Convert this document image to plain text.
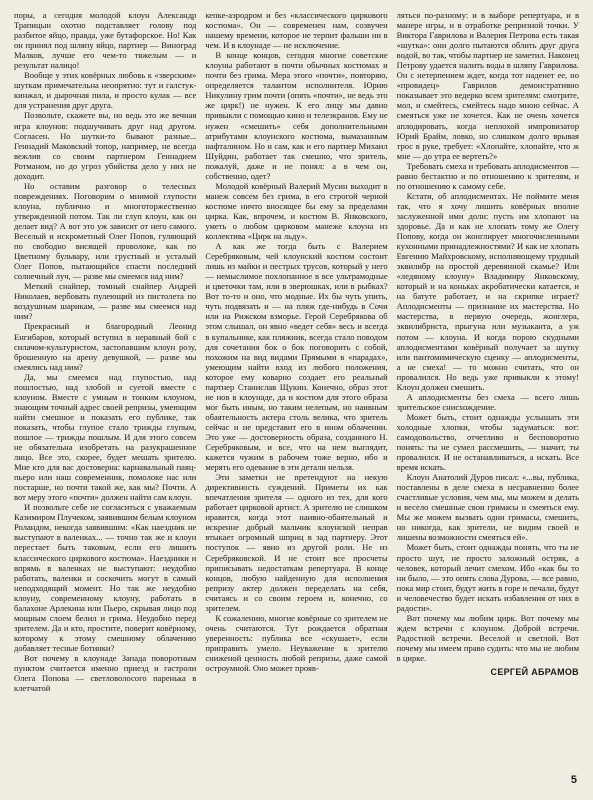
поры, а сегодня молодой клоун Александр Трапицын охотно подставляет голову под разбитое яйцо, правда, уже бутафорское. Но! Как он принял под шляпу яйцо, партнер — Виноград Малков, лучше его чем-то тяжелым — и результат налицо!

Вообще у этих ковёрных любовь к «зверским» шуткам примечательна неопрятно: тут и галстук-кинжал, и дырочная пила, и просто кулак — все для устранения друг друга.

Позвольте, скажете вы, но ведь это же вечная игра клоунов: подшучивать друг над другом. Согласен. Но шутки-то бывают разные... Геннадий Маковский топор, например, не всегда вежлив со своим партнером Геннадием Ротманом, но до угроз убийства дело у них не доходит.

Но оставим разговор о телесных повреждениях. Поговорим о мнимой глупости клоуна, публично и многоторжественно утвержденной потом. Так ли глуп клоун, как он делает вид? А вот это уж зависит от него самого. Веселый и искрометный Олег Попов, гуляющий по свободно висящей проволоке, как по Цветному бульвару, или грустный и усталый Олег Попов, пытающийся спасти последний солнечный луч, — разве мы смеемся над ним?

Меткий снайпер, томный снайпер Андрей Николаев, вербовать пулеющий из пистолета по воздушным шарикам, — разве мы смеемся над ним?

Прекрасный и благородный Леонид Енгибаров, который вступил в неравный бой с силачом-культуристом, застопавшим клоун розу, брошенную на арену девушкой, — разве мы смеялись над ним?

Да, мы смеемся над глупостью, над пошлостью, над злобой и суетой вместе с клоуном. Вместе с умным и тонким клоуном, знающим точный адрес своей репризы, умеющим найти смешное и показать его публике, так показать, чтобы глупое стало трижды глупым, пошлое — трижды пошлым. И для этого совсем не обязательна изобретать на разукрашенное лицо. Все это, скорее, будет мешать зрителю. Мне кто для вас достоверна: карнавальный паяц-пьеро или наш современник, помолоке нас или постарше, но почти такой же, как мы? Почти. А вот меру этого «почти» должен найти сам клоун.

И позвольте себе не согласиться с уважаемым Казимиром Плучеком, заявившим белым клоуном Роландом, некогда заявившим: «Как наездник не выступают в валенках... — точно так же и клоун перестает быть таковым, если его лишить классического циркового костюма». Наездники и впрямь в валенках не выступают: неудобно работать, валенки и соскочить могут в самый неподходящий момент. Но так же неудобно клоуну, современному клоуну, работать в балахоне Арлекина или Пьеро, скрывая лицо под мощным слоем белил и грима. Неудобно перед зрителем. Да и кто, простите, поверит ковёрному, которому к этому смешному облачению добавляет тесные ботинки?

Вот почему в клоунаде Запада поворотным пунктом считается именно приезд и гастроли Олега Попова — светловолосого паренька в клетчатой

кепке-аэродром и без «классического циркового костюма». Он — современен нам, созвучен нашему времени, которое не терпит фальши ни в чем. И в клоунаде — не исключение.

В конце концов, сегодня многие советские клоуны работают в почти обычных костюмах и почти без грима. Мера этого «почти», повторяю, определяется талантом исполнителя. Юрию Никулину грим почти (опять «почти», не ведь это же цирк!) не нужен. К его лицу мы давно привыкли с помощью кино и телеэкранов. Ему не нужен «смешить» себя дополнительными атрибутами клоунского костюма, вымазанным нафталином. Но и сам, как и его партнер Михаил Шуйдин, работает так смешно, что зритель, пожалуй, даже и не понял: а в чем он, собственно, одет?

Молодой ковёрный Валерий Мусин выходит в манеж совсем без грима, в его строгой черной костюме ничто вносящее бы ему за пределами цирка. Как, впрочем, и костюм В. Янковского, уметь о любом цирковом манеже клоуна из коллектива «Цирк на льду».

А как же тогда быть с Валерием Серебряковым, чей клоунский костюм состоит лишь из майки и пестрых трусов, который у него — немыслимое похлопанное в все ультрамодные и цветочки там, или в зверюшках, или в рыбках? Вот то-то и оно, что модные. Их бы чуть упить, чуть подвязать и — на пляж где-нибудь в Сочи или на Рижском взморье. Герой Серебрякова об этом слышал, он явно «ведет себя» весь и всегда в купальнике, как пляжник, всегда стало поводом для сочетания бок о бок поговорить с собой, похожим на вид видами Прямыми в «парадах», умеющим найти вход из любого положения, которое ему коварно создает его реальный партнер Станислав Щукин. Конечно, образ этот не нов в клоунаде, да и костюм для этого образа мог быть иным, но таким нелепым, но наивным обаятельность актера столь велика, что зритель сейчас и не представит его в ином облачении. Это уже — достоверность образа, созданного Н. Серебряковым, и все, что на нем выглядит, кажется чужим в рабочем тоже верно, ибо и мерять его одевание в эти детали нельзя.

Эти заметки не претендуют на некую директивность суждений. Приметы их как впечатления зрителя — одного из тех, для кого работает цирковой артист. А зрителю не слишком нравится, когда этот наивно-обаятельный и искренне добрый мальчик клоунской неправ втыкает огромный шприц в зад партнеру. Этот поступок — явно из другой роли. Не из Серебряковской. И не стоит все просчеты приписывать недостаткам репертуара. В конце концов, любую найденную для исполнения репризу актер должен переделать на себя, считаясь и со своим героем и, конечно, со зрителем.

К сожалению, многие ковёрные со зрителем не очень считаются. Тут рождается обратная уверенность: публика все «скушает», если приправить умело. Неуважение к зрителю сниженой ценность любой репризы, даже самой остроумной. Оно может прояв-

ляться по-разному: и в выборе репертуара, и в манере игры, и в отработке репризной точки. У Виктора Гаврилова и Валерия Петрова есть такая «шутка»: они долго пытаются облить друг друга водой, во так, чтобы партнер не заметил. Наконец Петрову удается налить воды в шляпу Гаврилова. Он с нетерпением ждет, когда тот наденет ее, но «провидец» Гаврилов демонстративно показывает это ведерко всем зрителям: смотрите, мол, и смейтесь, смейтесь надо мною сейчас. А смеяться уже не хочется. Как не очень хочется аплодировать, когда неплохой импровизатор Юрий Брайм, ловко, но слишком долго врывая трос в руке, требует: «Хлопайте, хлопайте, что ж мне — до утра ее вертеть?»

Требовать смеха и требовать аплодисментов — равно бестактно и по отношению к зрителям, и по отношению к самому себе.

Кстати, об аплодисментах. Не поймите меня так, что я хочу лишить ковёрных вполне заслуженной ими доли: пусть им хлопают на здоровье. Да и как не хлопать тому же Олегу Попову, когда он жонглирует многочисленными кухонными принадлежностями? И как не хлопать Евгению Майхровскому, исполняющему трудный эквилибр на простой деревянной скамье? Или «ледяному клоуну» Владимиру Янковскому, который и на коньках акробатически катается, и на батуте работает, и на скрипке играет? Аплодисменты — признание их мастерства. Но мастерства, в первую очередь, жонглера, эквилибриста, прыгуна или музыканта, а уж потом — клоуна. И когда порою скудными аплодисментами ковёрный получает за шутку или пантомимическую сценку — аплодисменты, а не смеха! — то можно считать, что он провалился. Но ведь уже привыкли к этому! Клоун должен смешить.

А аплодисменты без смеха — всего лишь зрительское снисхождение.

Может быть, стоит однажды услышать эти холодные хлопки, чтобы задуматься: вот: самодовольство, отчетливо и бесповоротно понять: ты не сумел рассмешить, — значит, ты провалился. И не останавливаться, а искать. Все время искать.

Клоун Анатолий Дуров писал: «...вы, публика, поставлены в деле смеха в несравненно более счастливые условия, чем мы, мы можем и делать и весело смешные свои гримасы и смеяться ему. Мы же можем вызвать одни гримасы, смешить, но никогда, как зрители, не видим своей и лишены возможности смеяться ей».

Может быть, стоит однажды понять, что ты не просто шут, не просто заложный остряк, а человек, который лечит смехом. Ибо «как бы то ни было, — это опять слова Дурова, — все равно, пока мир стоит, будут жить в горе и печали, будут и человечество будет искать избавления от них в радости».

Вот почему мы любим цирк. Вот почему мы ждем встречи с клоуном. Доброй встречи. Радостной встречи. Веселой и светлой. Вот почему мы имеем право судить: что мы не любим в цирке.

СЕРГЕЙ АБРАМОВ
5
